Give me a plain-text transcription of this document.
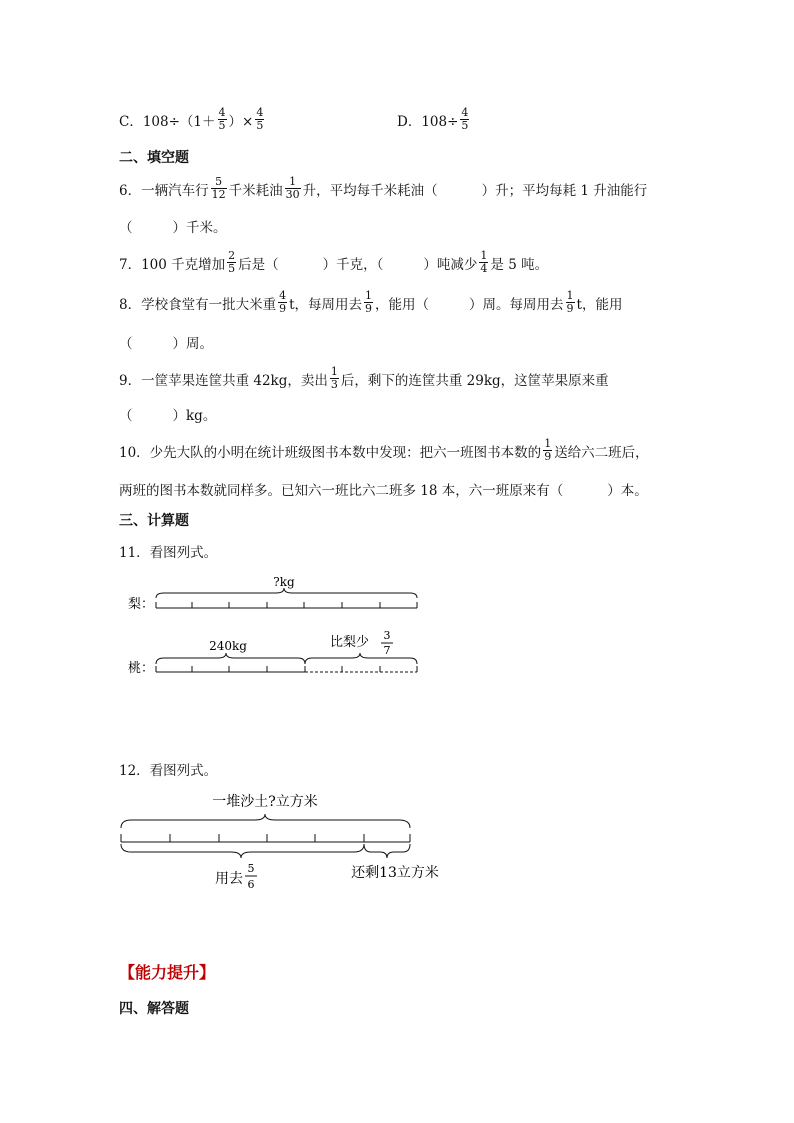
C．$108\div(1+ \frac{4}{5}$ ）× $\frac{4}{5}$	D．$108\div \frac{4}{5}$
二、填空题
6．一辆汽车行 $\frac{5}{12}$ 千米耗油 $\frac{1}{30}$ 升，平均每千米耗油（	）升；平均每耗 1 升油能行
（	）千米。
7．100 千克增加 $\frac{2}{5}$ 后是（	）千克，（	）吨减少 $\frac{1}{4}$ 是 5 吨。
8．学校食堂有一批大米重 $\frac{4}{9}$ t，每周用去 $\frac{1}{9}$ ，能用（	）周。每周用去 $\frac{1}{9}$ t，能用
（	）周。
9．一筐苹果连筐共重 42kg，卖出 $\frac{1}{3}$ 后，剩下的连筐共重 29kg，这筐苹果原来重
（	）kg。
10．少先大队的小明在统计班级图书本数中发现：把六一班图书本数的 $\frac{1}{9}$ 送给六二班后，
两班的图书本数就同样多。已知六一班比六二班多 18 本，六一班原来有（	）本。
三、计算题
11．看图列式。
?kg
梨：
240kg	比梨少 3
7
桃：
12．看图列式。
一堆沙土?立方米
用去
5
6
还剩13立方米
【能力提升】
四、解答题
